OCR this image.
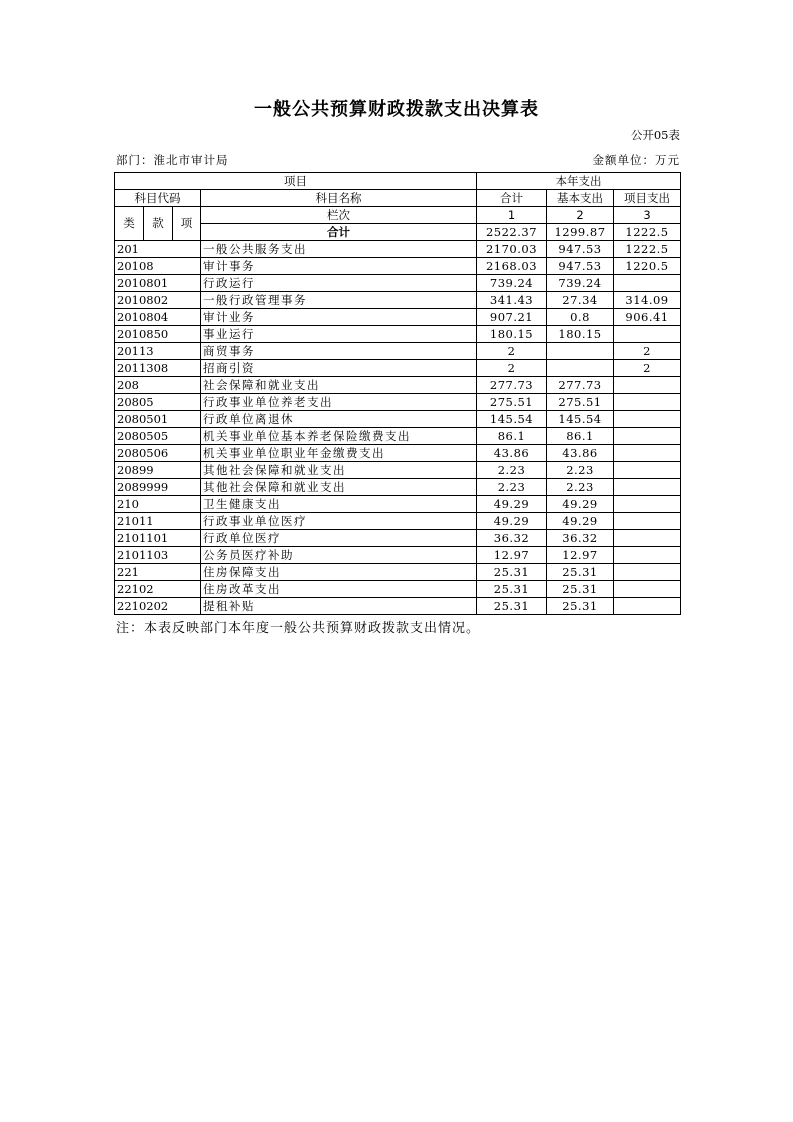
一般公共预算财政拨款支出决算表
公开05表
部门：淮北市审计局	金额单位：万元
项目				本年支出		
科目代码			科目名称	合计	基本支出	项目支出
类	款	项	栏次	1	2	3
			合计	2522.37	1299.87	1222.5
201			一般公共服务支出	2170.03	947.53	1222.5
20108			审计事务	2168.03	947.53	1220.5
2010801			行政运行	739.24	739.24	
2010802			一般行政管理事务	341.43	27.34	314.09
2010804			审计业务	907.21	0.8	906.41
2010850			事业运行	180.15	180.15	
20113			商贸事务	2		2
2011308			招商引资	2		2
208			社会保障和就业支出	277.73	277.73	
20805			行政事业单位养老支出	275.51	275.51	
2080501			行政单位离退休	145.54	145.54	
2080505			机关事业单位基本养老保险缴费支出	86.1	86.1	
2080506			机关事业单位职业年金缴费支出	43.86	43.86	
20899			其他社会保障和就业支出	2.23	2.23	
2089999			其他社会保障和就业支出	2.23	2.23	
210			卫生健康支出	49.29	49.29	
21011			行政事业单位医疗	49.29	49.29	
2101101			行政单位医疗	36.32	36.32	
2101103			公务员医疗补助	12.97	12.97	
221			住房保障支出	25.31	25.31	
22102			住房改革支出	25.31	25.31	
2210202			提租补贴	25.31	25.31	
注：本表反映部门本年度一般公共预算财政拨款支出情况。
